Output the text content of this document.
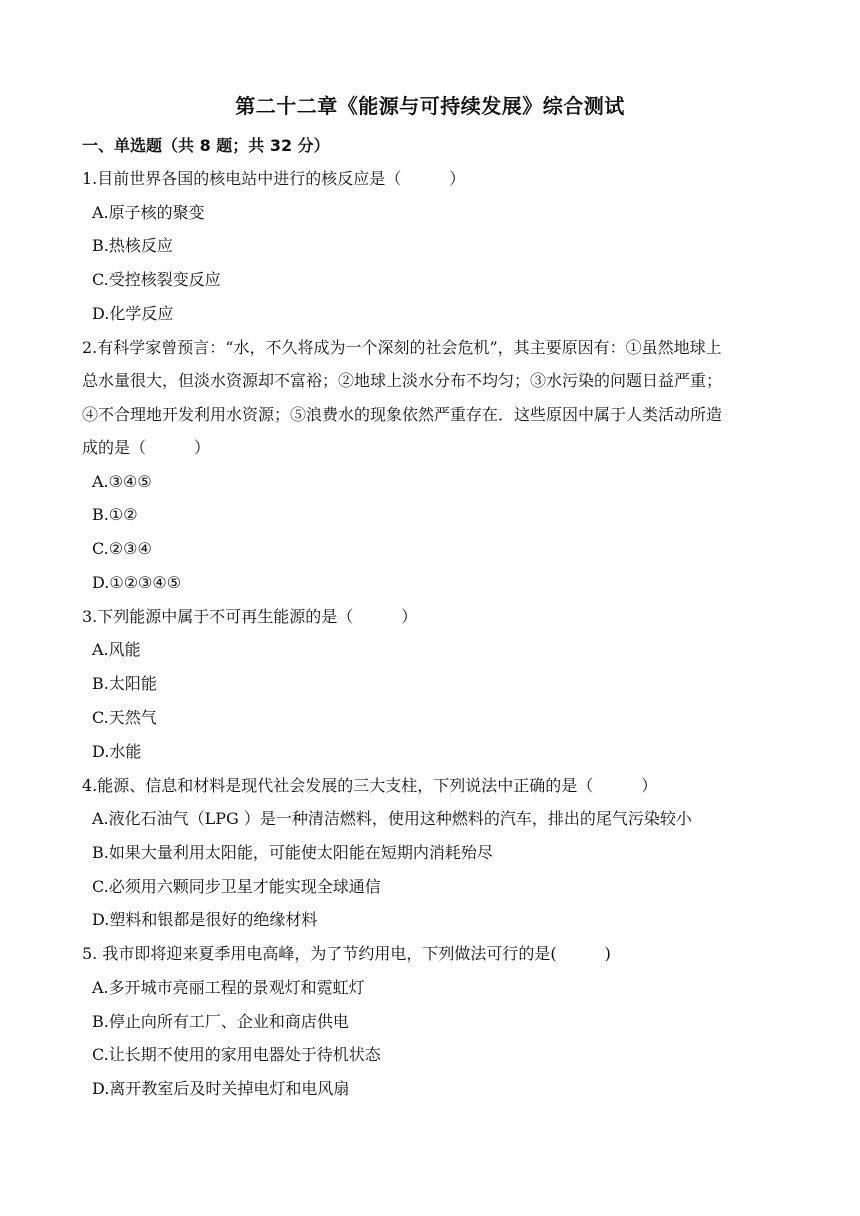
第二十二章《能源与可持续发展》综合测试
一、单选题（共 8 题；共 32 分）
1.目前世界各国的核电站中进行的核反应是（　　　）
A.原子核的聚变
B.热核反应
C.受控核裂变反应
D.化学反应
2.有科学家曾预言：“水，不久将成为一个深刻的社会危机”，其主要原因有：①虽然地球上
总水量很大，但淡水资源却不富裕；②地球上淡水分布不均匀；③水污染的问题日益严重；
④不合理地开发利用水资源；⑤浪费水的现象依然严重存在．这些原因中属于人类活动所造
成的是（　　　）
A.③④⑤
B.①②
C.②③④
D.①②③④⑤
3.下列能源中属于不可再生能源的是（　　　）
A.风能
B.太阳能
C.天然气
D.水能
4.能源、信息和材料是现代社会发展的三大支柱，下列说法中正确的是（　　　）
A.液化石油气（LPG ）是一种清洁燃料，使用这种燃料的汽车，排出的尾气污染较小
B.如果大量利用太阳能，可能使太阳能在短期内消耗殆尽
C.必须用六颗同步卫星才能实现全球通信
D.塑料和银都是很好的绝缘材料
5. 我市即将迎来夏季用电高峰，为了节约用电，下列做法可行的是(　　　)
A.多开城市亮丽工程的景观灯和霓虹灯
B.停止向所有工厂、企业和商店供电
C.让长期不使用的家用电器处于待机状态
D.离开教室后及时关掉电灯和电风扇
